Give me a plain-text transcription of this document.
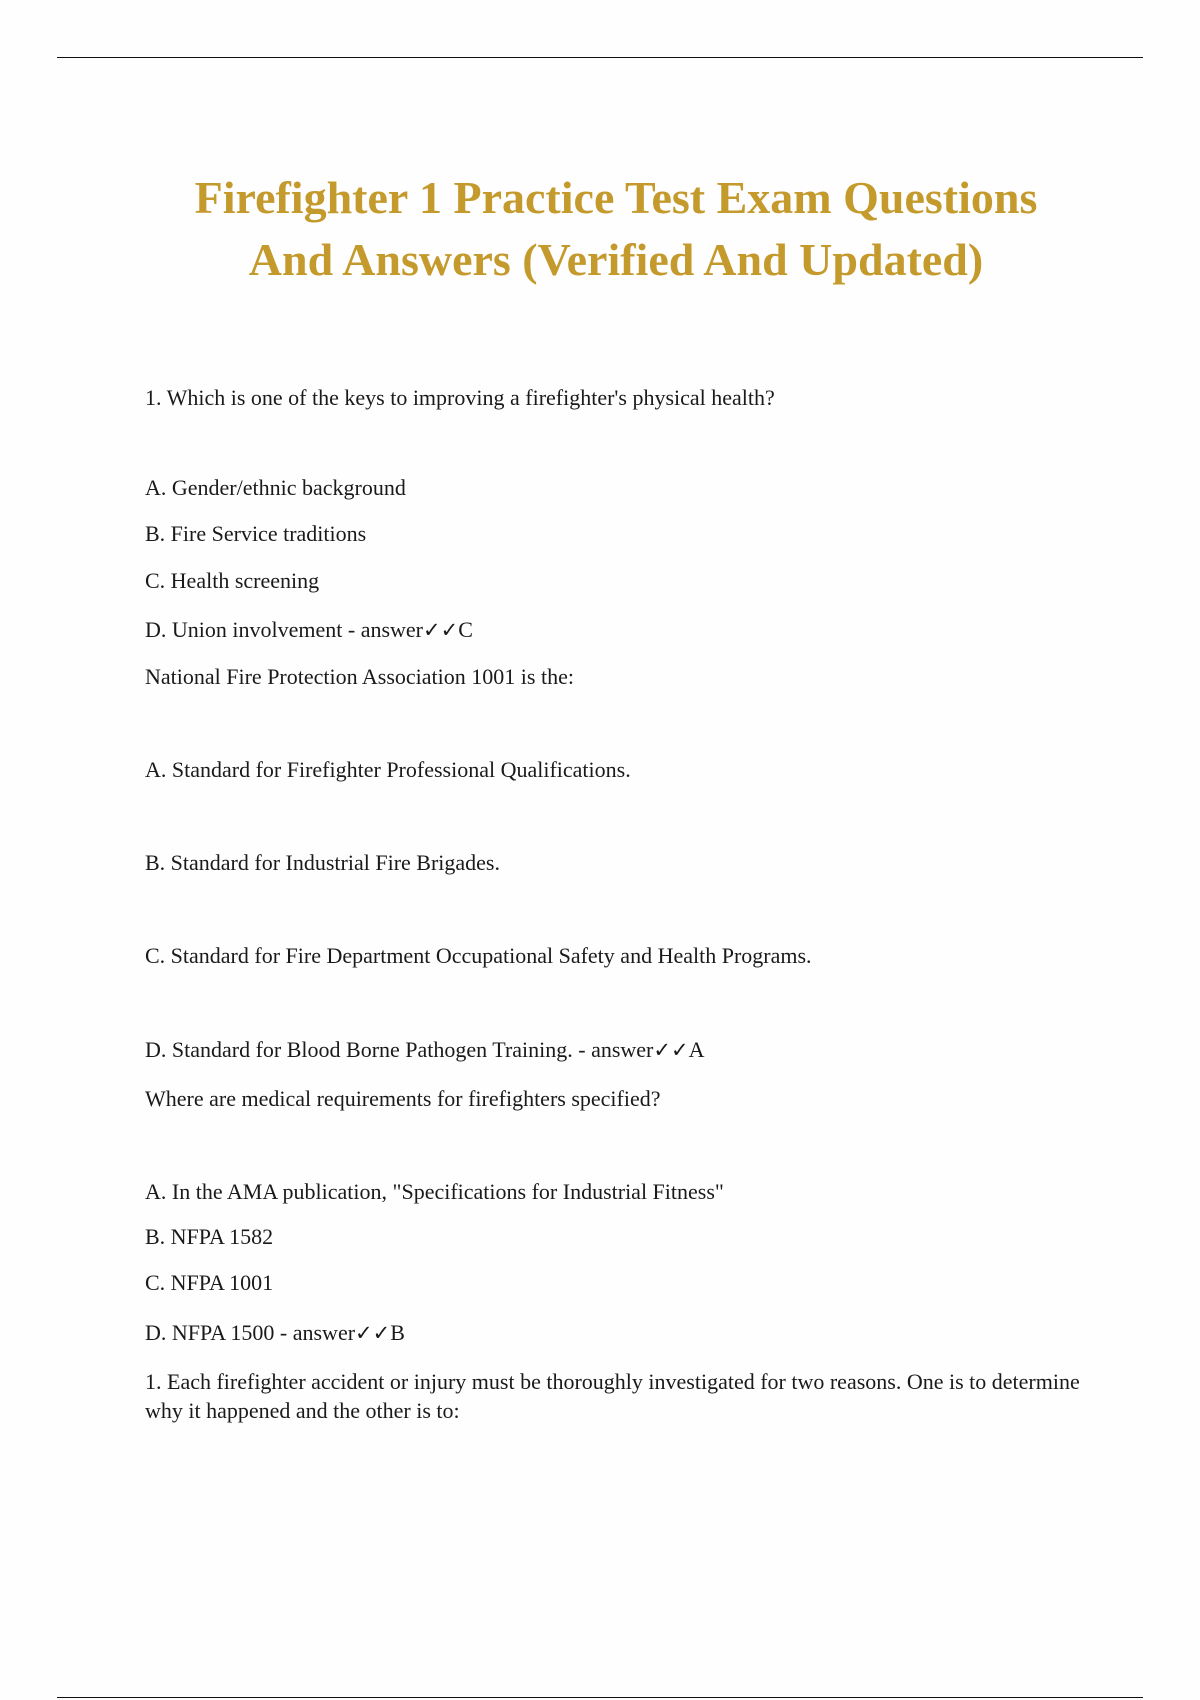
Firefighter 1 Practice Test Exam Questions
And Answers (Verified And Updated)
1. Which is one of the keys to improving a firefighter's physical health?
A. Gender/ethnic background
B. Fire Service traditions
C. Health screening
D. Union involvement - answer✓✓C
National Fire Protection Association 1001 is the:
A. Standard for Firefighter Professional Qualifications.
B. Standard for Industrial Fire Brigades.
C. Standard for Fire Department Occupational Safety and Health Programs.
D. Standard for Blood Borne Pathogen Training. - answer✓✓A
Where are medical requirements for firefighters specified?
A. In the AMA publication, "Specifications for Industrial Fitness"
B. NFPA 1582
C. NFPA 1001
D. NFPA 1500 - answer✓✓B
1. Each firefighter accident or injury must be thoroughly investigated for two reasons. One is to determine why it happened and the other is to:
